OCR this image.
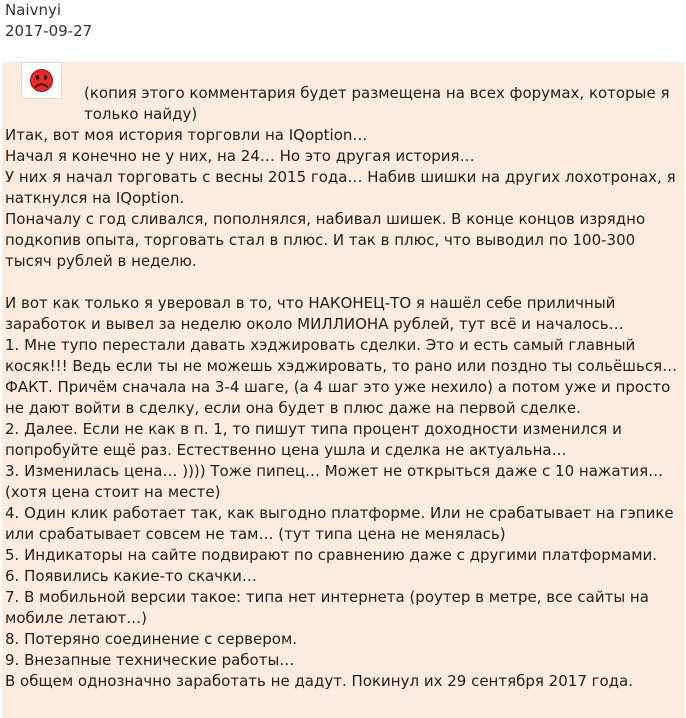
Naivnyi
2017-09-27
(копия этого комментария будет размещена на всех форумах, которые я только найду)
Итак, вот моя история торговли на IQoption…
Начал я конечно не у них, на 24… Но это другая история…
У них я начал торговать с весны 2015 года… Набив шишки на других лохотронах, я наткнулся на IQoption.
Поначалу с год сливался, пополнялся, набивал шишек. В конце концов изрядно подкопив опыта, торговать стал в плюс. И так в плюс, что выводил по 100-300 тысяч рублей в неделю.
И вот как только я уверовал в то, что НАКОНЕЦ-ТО я нашёл себе приличный заработок и вывел за неделю около МИЛЛИОНА рублей, тут всё и началось…
1. Мне тупо перестали давать хэджировать сделки. Это и есть самый главный косяк!!! Ведь если ты не можешь хэджировать, то рано или поздно ты сольёшься… ФАКТ. Причём сначала на 3-4 шаге, (а 4 шаг это уже нехило) а потом уже и просто не дают войти в сделку, если она будет в плюс даже на первой сделке.
2. Далее. Если не как в п. 1, то пишут типа процент доходности изменился и попробуйте ещё раз. Естественно цена ушла и сделка не актуальна…
3. Изменилась цена… )))) Тоже пипец… Может не открыться даже с 10 нажатия…(хотя цена стоит на месте)
4. Один клик работает так, как выгодно платформе. Или не срабатывает на гэпике или срабатывает совсем не там… (тут типа цена не менялась)
5. Индикаторы на сайте подвирают по сравнению даже с другими платформами.
6. Появились какие-то скачки…
7. В мобильной версии такое: типа нет интернета (роутер в метре, все сайты на мобиле летают…)
8. Потеряно соединение с сервером.
9. Внезапные технические работы…
В общем однозначно заработать не дадут. Покинул их 29 сентября 2017 года.
